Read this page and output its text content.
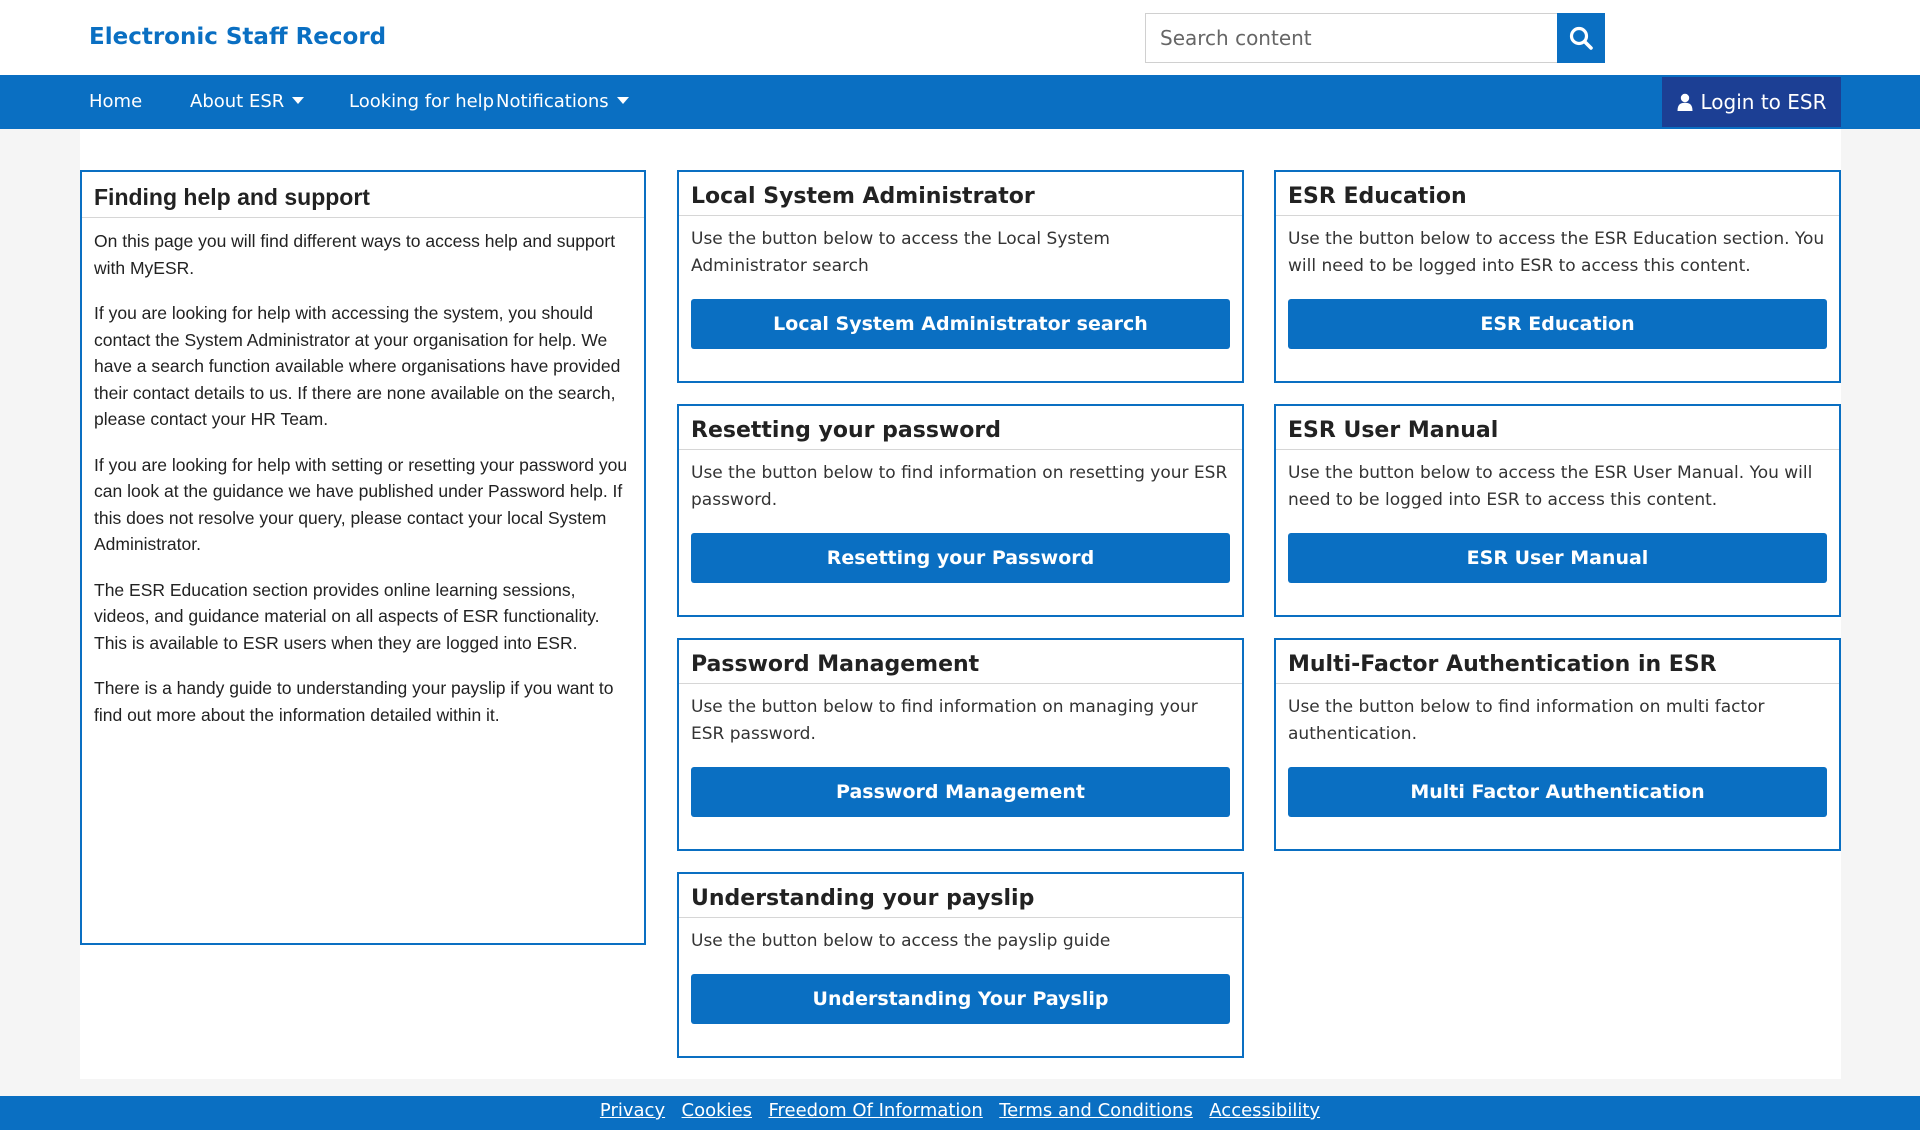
Electronic Staff Record
Search content
Home	About ESR	Looking for help Notifications	Login to ESR
Finding help and support

On this page you will find different ways to access help and support with MyESR.

If you are looking for help with accessing the system, you should contact the System Administrator at your organisation for help. We have a search function available where organisations have provided their contact details to us. If there are none available on the search, please contact your HR Team.

If you are looking for help with setting or resetting your password you can look at the guidance we have published under Password help. If this does not resolve your query, please contact your local System Administrator.

The ESR Education section provides online learning sessions, videos, and guidance material on all aspects of ESR functionality. This is available to ESR users when they are logged into ESR.

There is a handy guide to understanding your payslip if you want to find out more about the information detailed within it.

Local System Administrator
Use the button below to access the Local System Administrator search
Local System Administrator search
ESR Education
Use the button below to access the ESR Education section. You will need to be logged into ESR to access this content.
ESR Education
Resetting your password
Use the button below to find information on resetting your ESR password.
Resetting your Password
ESR User Manual
Use the button below to access the ESR User Manual. You will need to be logged into ESR to access this content.
ESR User Manual
Password Management
Use the button below to find information on managing your ESR password.
Password Management
Multi-Factor Authentication in ESR
Use the button below to find information on multi factor authentication.
Multi Factor Authentication
Understanding your payslip
Use the button below to access the payslip guide
Understanding Your Payslip
Privacy Cookies Freedom Of Information Terms and Conditions Accessibility
